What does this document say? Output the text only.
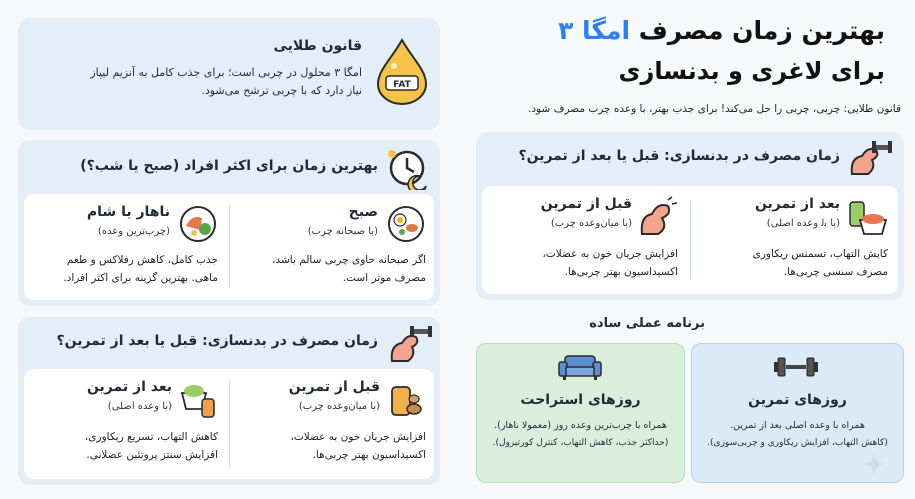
بهترین زمان مصرف امگا ۳
برای لاغری و بدنسازی
قانون طلایی: چربی، چربی را حل می‌کند! برای جذب بهتر، با وعده چرب مصرف شود.
FAT
قانون طلایی
امگا ۳ محلول در چربی است؛ برای جذب کامل به آنزیم لیپاز
نیاز دارد که با چربی ترشح می‌شود.
بهترین زمان برای اکثر افراد (صبح یا شب؟)
صبح
(با صبحانه چرب)
اگر صبحانه حاوی چربی سالم باشد،
مصرف موثر است.
ناهار یا شام
(چرب‌ترین وعده)
جذب کامل، کاهش رفلاکس و طعم
ماهی. بهترین گزینه برای اکثر افراد.
زمان مصرف در بدنسازی: قبل یا بعد از تمرین؟
قبل از تمرین
(با میان‌وعده چرب)
افزایش جریان خون به عضلات،
اکسیداسیون بهتر چربی‌ها.
بعد از تمرین
(با وعده اصلی)
کاهش التهاب، تسریع ریکاوری،
افزایش سنتز پروتئین عضلانی.
زمان مصرف در بدنسازی: قبل یا بعد از تمرین؟
بعد از تمرین
(با ﺑ‌ﻟ وعده اصلی)
کایش التهاب، تسمنس ریکاوری
مصرف سنسی چربی‌ها.
قبل از تمرین
(با میان‌وعده چرب)
افزایش جریان خون به عضلات،
اکسیداسیون بهتر چربی‌ها.
برنامه عملی ساده
روزهای تمرین
همراه با وعده اصلی بعد از تمرین.
(کاهش التهاب، افزایش ریکاوری و چربی‌سوزی).
روزهای استراحت
همراه با چرب‌ترین وعده روز (معمولا ناهار).
(حداکثر جذب، کاهش التهاب، کنترل کورتیزول).
